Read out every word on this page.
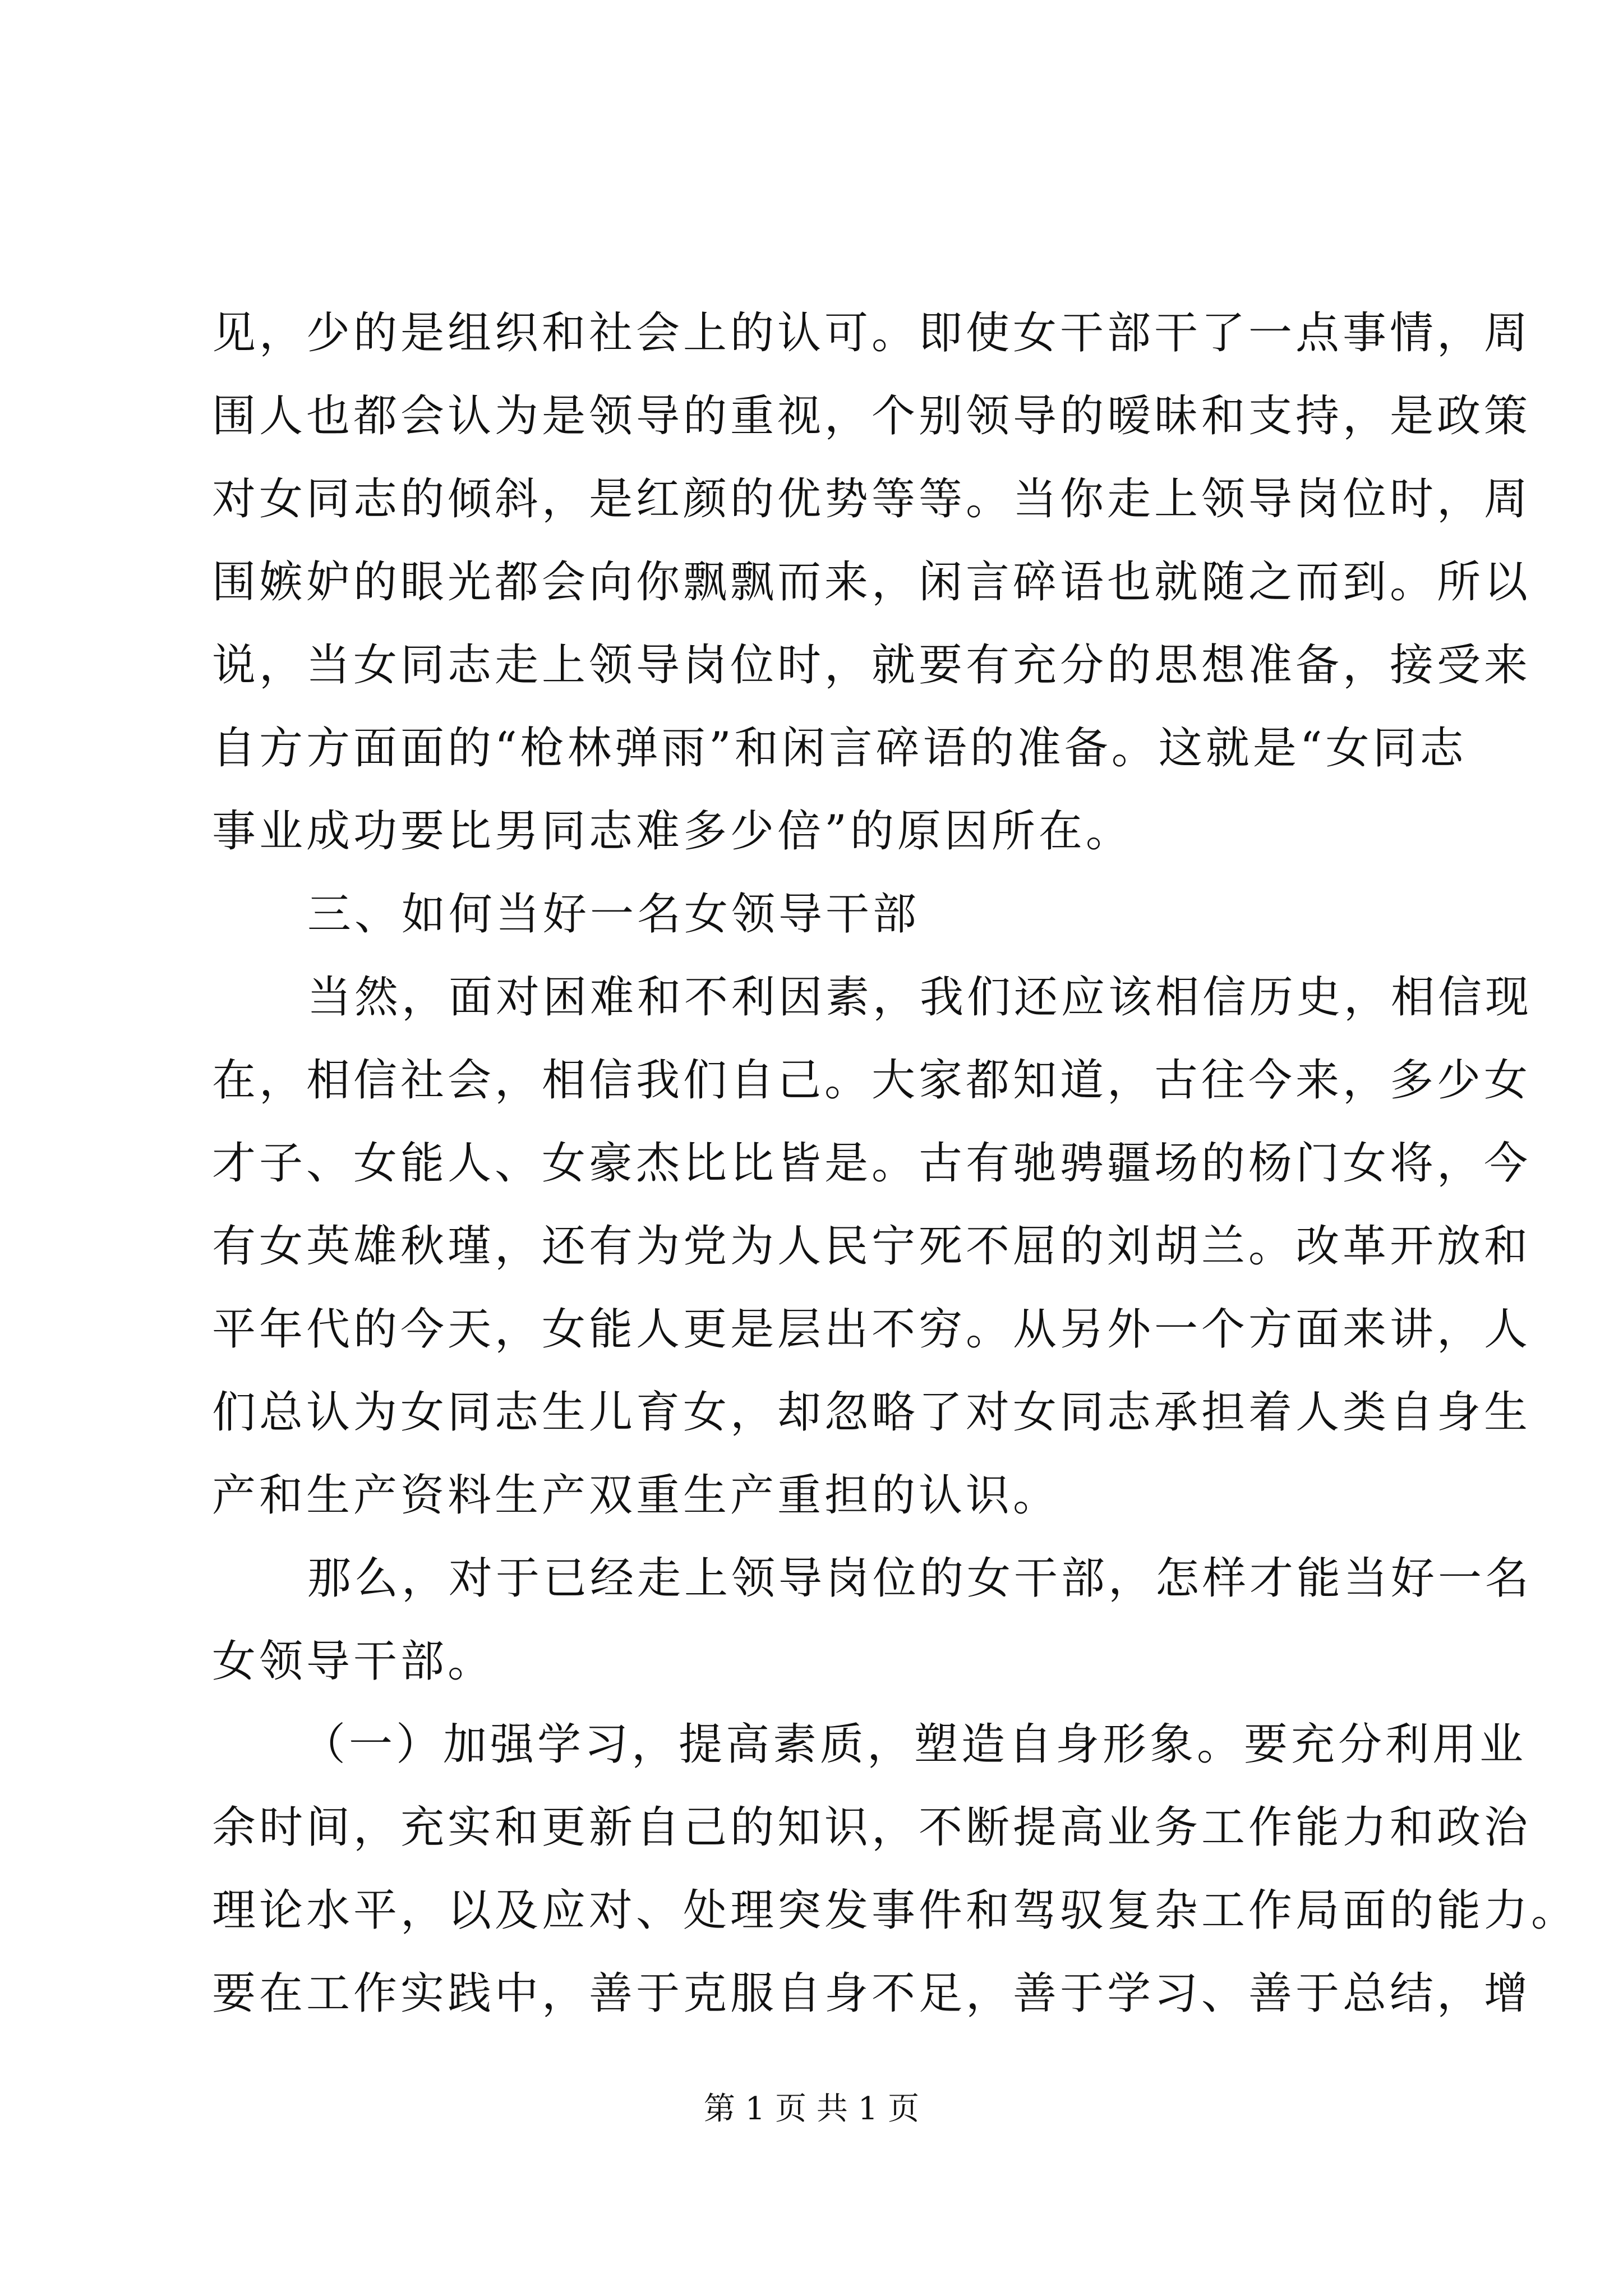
见，少的是组织和社会上的认可。即使女干部干了一点事情，周
围人也都会认为是领导的重视，个别领导的暧昧和支持，是政策
对女同志的倾斜，是红颜的优势等等。当你走上领导岗位时，周
围嫉妒的眼光都会向你飘飘而来，闲言碎语也就随之而到。所以
说，当女同志走上领导岗位时，就要有充分的思想准备，接受来
自方方面面的“枪林弹雨”和闲言碎语的准备。这就是“女同志
事业成功要比男同志难多少倍”的原因所在。
三、如何当好一名女领导干部
当然，面对困难和不利因素，我们还应该相信历史，相信现
在，相信社会，相信我们自己。大家都知道，古往今来，多少女
才子、女能人、女豪杰比比皆是。古有驰骋疆场的杨门女将，今
有女英雄秋瑾，还有为党为人民宁死不屈的刘胡兰。改革开放和
平年代的今天，女能人更是层出不穷。从另外一个方面来讲，人
们总认为女同志生儿育女，却忽略了对女同志承担着人类自身生
产和生产资料生产双重生产重担的认识。
那么，对于已经走上领导岗位的女干部，怎样才能当好一名
女领导干部。
（一）加强学习，提高素质，塑造自身形象。要充分利用业
余时间，充实和更新自己的知识，不断提高业务工作能力和政治
理论水平，以及应对、处理突发事件和驾驭复杂工作局面的能力。
要在工作实践中，善于克服自身不足，善于学习、善于总结，增
第 1 页 共 1 页
